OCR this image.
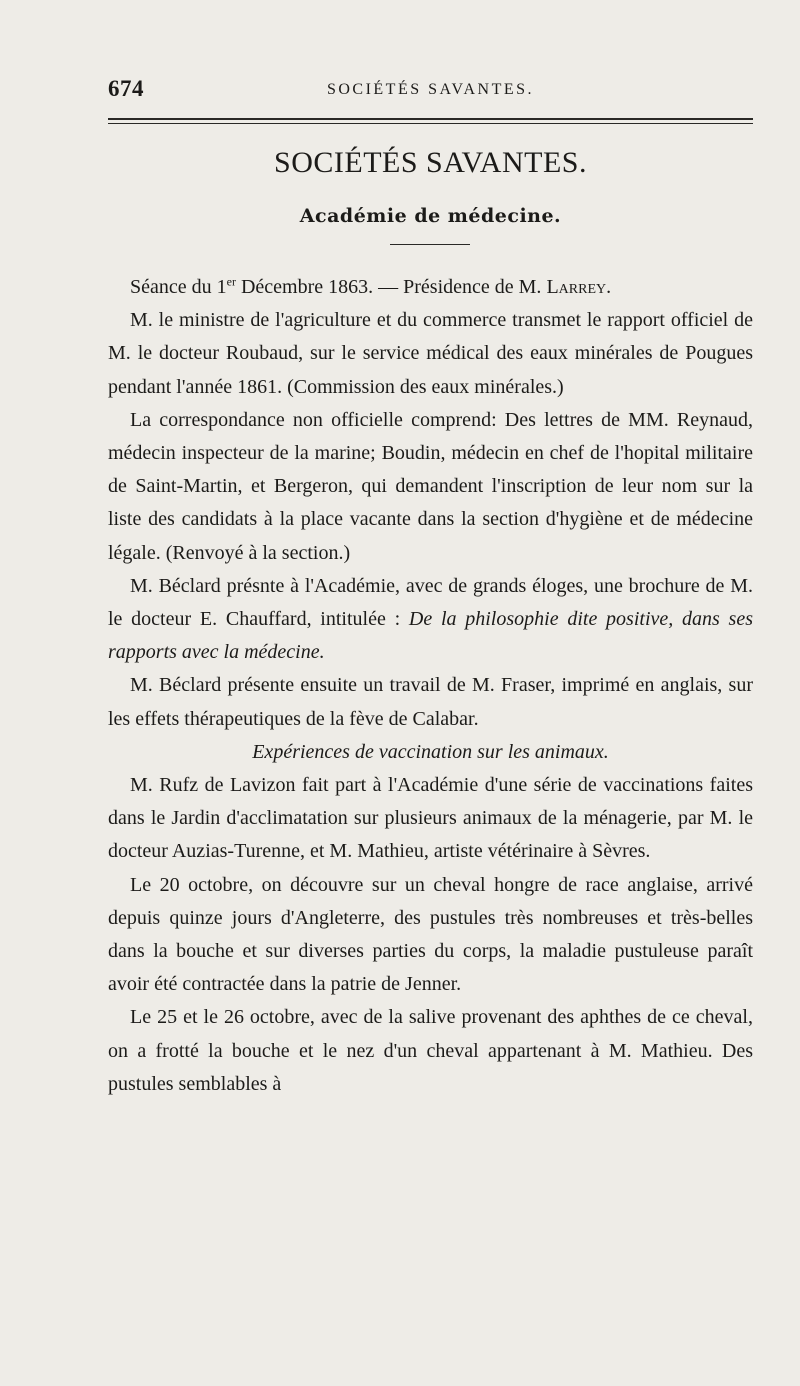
674	SOCIÉTÉS SAVANTES.
SOCIÉTÉS SAVANTES.
Académie de médecine.

Séance du 1er Décembre 1863. — Présidence de M. Larrey.

M. le ministre de l'agriculture et du commerce transmet le rapport officiel de M. le docteur Roubaud, sur le service médical des eaux minérales de Pougues pendant l'année 1861. (Commission des eaux minérales.)

La correspondance non officielle comprend: Des lettres de MM. Reynaud, médecin inspecteur de la marine; Boudin, médecin en chef de l'hopital militaire de Saint-Martin, et Bergeron, qui demandent l'inscription de leur nom sur la liste des candidats à la place vacante dans la section d'hygiène et de médecine légale. (Renvoyé à la section.)

M. Béclard présnte à l'Académie, avec de grands éloges, une brochure de M. le docteur E. Chauffard, intitulée : De la philosophie dite positive, dans ses rapports avec la médecine.

M. Béclard présente ensuite un travail de M. Fraser, imprimé en anglais, sur les effets thérapeutiques de la fève de Calabar.

Expériences de vaccination sur les animaux.

M. Rufz de Lavizon fait part à l'Académie d'une série de vaccinations faites dans le Jardin d'acclimatation sur plusieurs animaux de la ménagerie, par M. le docteur Auzias-Turenne, et M. Mathieu, artiste vétérinaire à Sèvres.

Le 20 octobre, on découvre sur un cheval hongre de race anglaise, arrivé depuis quinze jours d'Angleterre, des pustules très nombreuses et très-belles dans la bouche et sur diverses parties du corps, la maladie pustuleuse paraît avoir été contractée dans la patrie de Jenner.

Le 25 et le 26 octobre, avec de la salive provenant des aphthes de ce cheval, on a frotté la bouche et le nez d'un cheval appartenant à M. Mathieu. Des pustules semblables à
